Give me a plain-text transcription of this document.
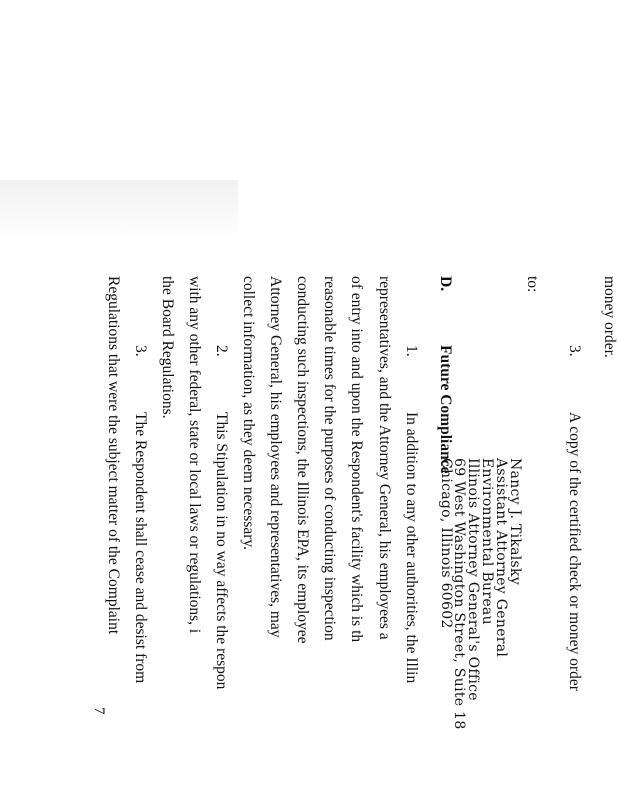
money order.
3.
A copy of the certified check or money order
to:
Nancy J. Tikalsky
Assistant Attorney General
Environmental Bureau
Illinois Attorney General's Office
69 West Washington Street, Suite 18
Chicago, Illinois 60602
D.
Future Compliance
1.
In addition to any other authorities, the Illin
representatives, and the Attorney General, his employees a
of entry into and upon the Respondent's facility which is th
reasonable times for the purposes of conducting inspection
conducting such inspections, the Illinois EPA, its employee
Attorney General, his employees and representatives, may
collect information, as they deem necessary.
2.
This Stipulation in no way affects the respon
with any other federal, state or local laws or regulations, i
the Board Regulations.
3.
The Respondent shall cease and desist from
Regulations that were the subject matter of the Complaint
7
